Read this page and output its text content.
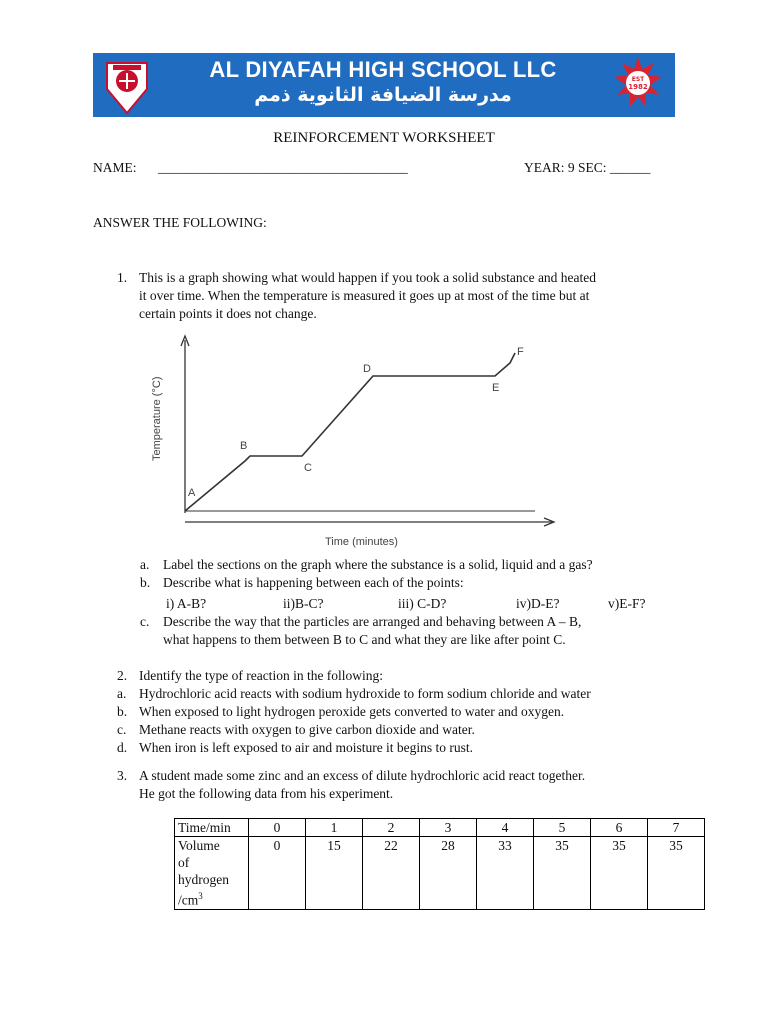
AL DIYAFAH HIGH SCHOOL LLC
مدرسة الضيافة الثانوية ذمم
EST
1982
REINFORCEMENT WORKSHEET
NAME: _____________________________________	YEAR: 9 SEC: ______
ANSWER THE FOLLOWING:
1. This is a graph showing what would happen if you took a solid substance and heated
it over time. When the temperature is measured it goes up at most of the time but at
certain points it does not change.
A
B
C
D
E
F
Time (minutes)
Temperature (°C)
a. Label the sections on the graph where the substance is a solid, liquid and a gas?
b. Describe what is happening between each of the points:
i) A-B?	ii)B-C?	iii) C-D?	iv)D-E?	v)E-F?
c. Describe the way that the particles are arranged and behaving between A – B,
what happens to them between B to C and what they are like after point C.
2. Identify the type of reaction in the following:
a. Hydrochloric acid reacts with sodium hydroxide to form sodium chloride and water
b. When exposed to light hydrogen peroxide gets converted to water and oxygen.
c. Methane reacts with oxygen to give carbon dioxide and water.
d. When iron is left exposed to air and moisture it begins to rust.
3. A student made some zinc and an excess of dilute hydrochloric acid react together.
He got the following data from his experiment.
Time/min	0	1	2	3	4	5	6	7
Volume
of
hydrogen
$/cm^3$	0	15	22	28	33	35	35	35
